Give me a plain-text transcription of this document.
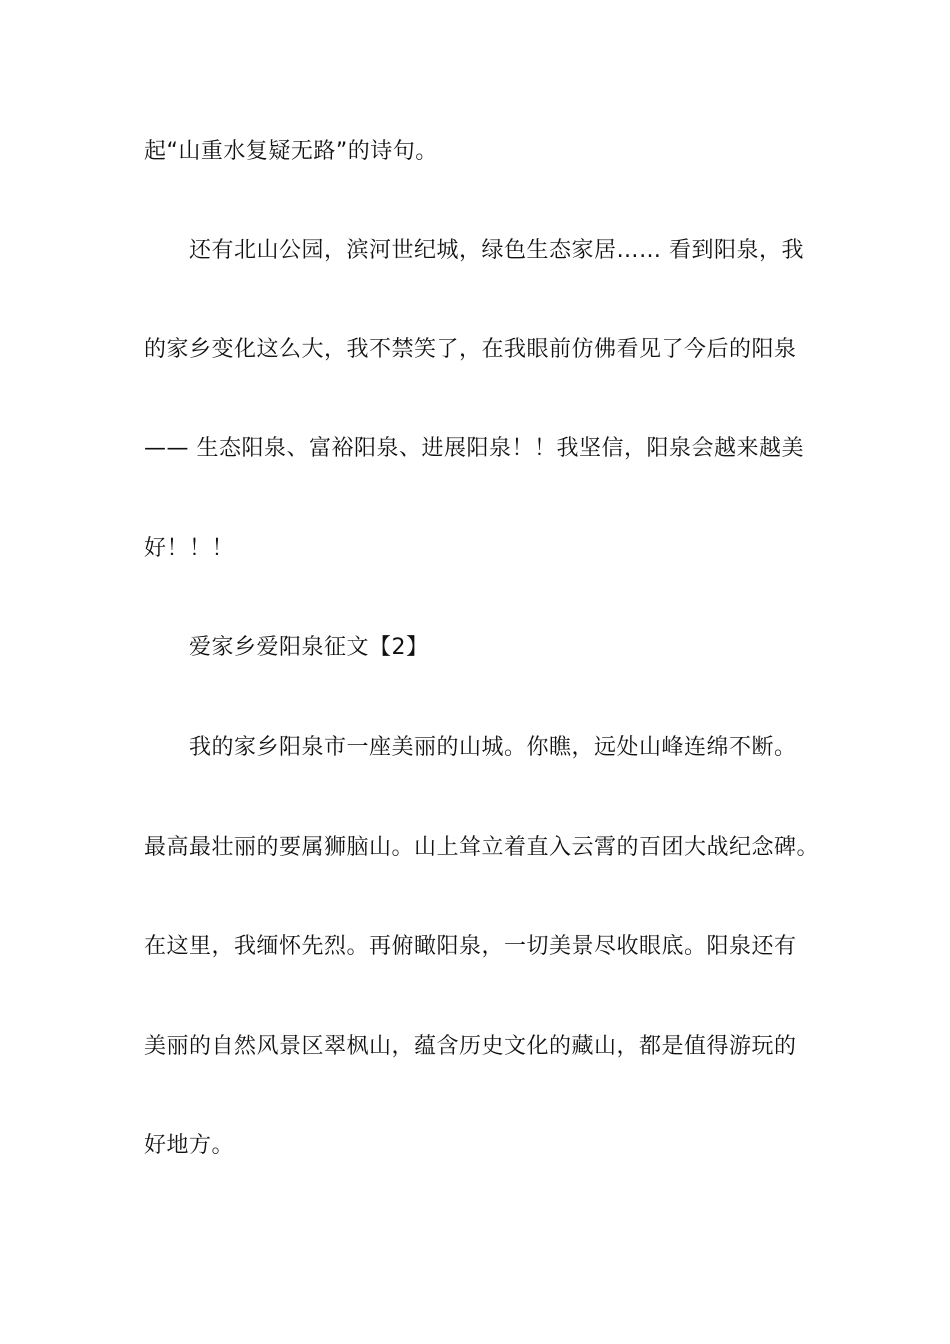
起“山重水复疑无路”的诗句。
还有北山公园，滨河世纪城，绿色生态家居…… 看到阳泉，我
的家乡变化这么大，我不禁笑了，在我眼前仿佛看见了今后的阳泉
—— 生态阳泉、富裕阳泉、进展阳泉！！我坚信，阳泉会越来越美
好！！！
爱家乡爱阳泉征文【2】
我的家乡阳泉市一座美丽的山城。你瞧，远处山峰连绵不断。
最高最壮丽的要属狮脑山。山上耸立着直入云霄的百团大战纪念碑。
在这里，我缅怀先烈。再俯瞰阳泉，一切美景尽收眼底。阳泉还有
美丽的自然风景区翠枫山，蕴含历史文化的藏山，都是值得游玩的
好地方。
